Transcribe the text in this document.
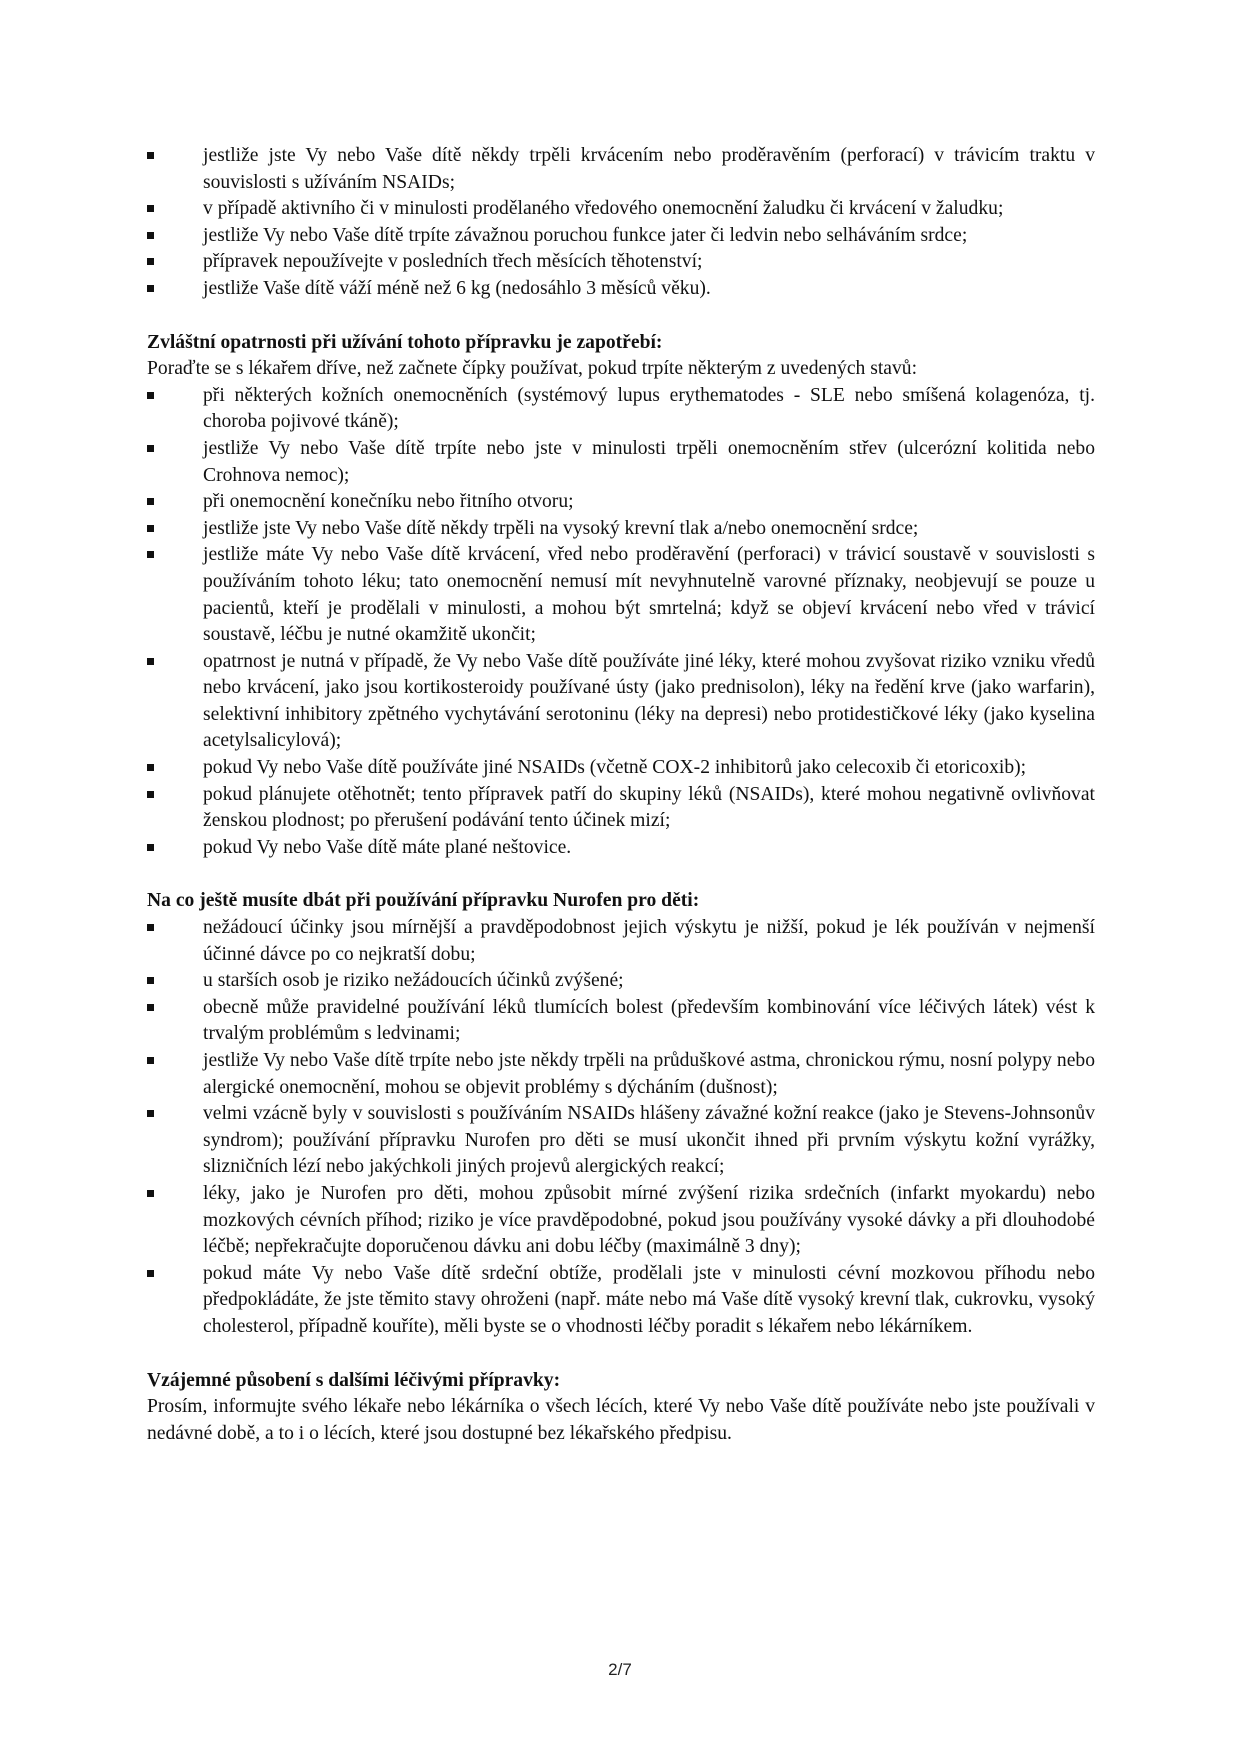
jestliže jste Vy nebo Vaše dítě někdy trpěli krvácením nebo proděravěním (perforací) v trávicím traktu v souvislosti s užíváním NSAIDs;
v případě aktivního či v minulosti prodělaného vředového onemocnění žaludku či krvácení v žaludku;
jestliže Vy nebo Vaše dítě trpíte závažnou poruchou funkce jater či ledvin nebo selháváním srdce;
přípravek nepoužívejte v posledních třech měsících těhotenství;
jestliže Vaše dítě váží méně než 6 kg (nedosáhlo 3 měsíců věku).
Zvláštní opatrnosti při užívání tohoto přípravku je zapotřebí:
Poraďte se s lékařem dříve, než začnete čípky používat, pokud trpíte některým z uvedených stavů:
při některých kožních onemocněních (systémový lupus erythematodes - SLE nebo smíšená kolagenóza, tj. choroba pojivové tkáně);
jestliže Vy nebo Vaše dítě trpíte nebo jste v minulosti trpěli onemocněním střev (ulcerózní kolitida nebo Crohnova nemoc);
při onemocnění konečníku nebo řitního otvoru;
jestliže jste Vy nebo Vaše dítě někdy trpěli na vysoký krevní tlak a/nebo onemocnění srdce;
jestliže máte Vy nebo Vaše dítě krvácení, vřed nebo proděravění (perforaci) v trávicí soustavě v souvislosti s používáním tohoto léku; tato onemocnění nemusí mít nevyhnutelně varovné příznaky, neobjevují se pouze u pacientů, kteří je prodělali v minulosti, a mohou být smrtelná; když se objeví krvácení nebo vřed v trávicí soustavě, léčbu je nutné okamžitě ukončit;
opatrnost je nutná v případě, že Vy nebo Vaše dítě používáte jiné léky, které mohou zvyšovat riziko vzniku vředů nebo krvácení, jako jsou kortikosteroidy používané ústy (jako prednisolon), léky na ředění krve (jako warfarin), selektivní inhibitory zpětného vychytávání serotoninu (léky na depresi) nebo protidestičkové léky (jako kyselina acetylsalicylová);
pokud Vy nebo Vaše dítě používáte jiné NSAIDs (včetně COX-2 inhibitorů jako celecoxib či etoricoxib);
pokud plánujete otěhotnět; tento přípravek patří do skupiny léků (NSAIDs), které mohou negativně ovlivňovat ženskou plodnost; po přerušení podávání tento účinek mizí;
pokud Vy nebo Vaše dítě máte plané neštovice.
Na co ještě musíte dbát při používání přípravku Nurofen pro děti:
nežádoucí účinky jsou mírnější a pravděpodobnost jejich výskytu je nižší, pokud je lék používán v nejmenší účinné dávce po co nejkratší dobu;
u starších osob je riziko nežádoucích účinků zvýšené;
obecně může pravidelné používání léků tlumících bolest (především kombinování více léčivých látek) vést k trvalým problémům s ledvinami;
jestliže Vy nebo Vaše dítě trpíte nebo jste někdy trpěli na průduškové astma, chronickou rýmu, nosní polypy nebo alergické onemocnění, mohou se objevit problémy s dýcháním (dušnost);
velmi vzácně byly v souvislosti s používáním NSAIDs hlášeny závažné kožní reakce (jako je Stevens-Johnsonův syndrom); používání přípravku Nurofen pro děti se musí ukončit ihned při prvním výskytu kožní vyrážky, slizničních lézí nebo jakýchkoli jiných projevů alergických reakcí;
léky, jako je Nurofen pro děti, mohou způsobit mírné zvýšení rizika srdečních (infarkt myokardu) nebo mozkových cévních příhod; riziko je více pravděpodobné, pokud jsou používány vysoké dávky a při dlouhodobé léčbě; nepřekračujte doporučenou dávku ani dobu léčby (maximálně 3 dny);
pokud máte Vy nebo Vaše dítě srdeční obtíže, prodělali jste v minulosti cévní mozkovou příhodu nebo předpokládáte, že jste těmito stavy ohroženi (např. máte nebo má Vaše dítě vysoký krevní tlak, cukrovku, vysoký cholesterol, případně kouříte), měli byste se o vhodnosti léčby poradit s lékařem nebo lékárníkem.
Vzájemné působení s dalšími léčivými přípravky:
Prosím, informujte svého lékaře nebo lékárníka o všech lécích, které Vy nebo Vaše dítě používáte nebo jste používali v nedávné době, a to i o lécích, které jsou dostupné bez lékařského předpisu.
2/7
